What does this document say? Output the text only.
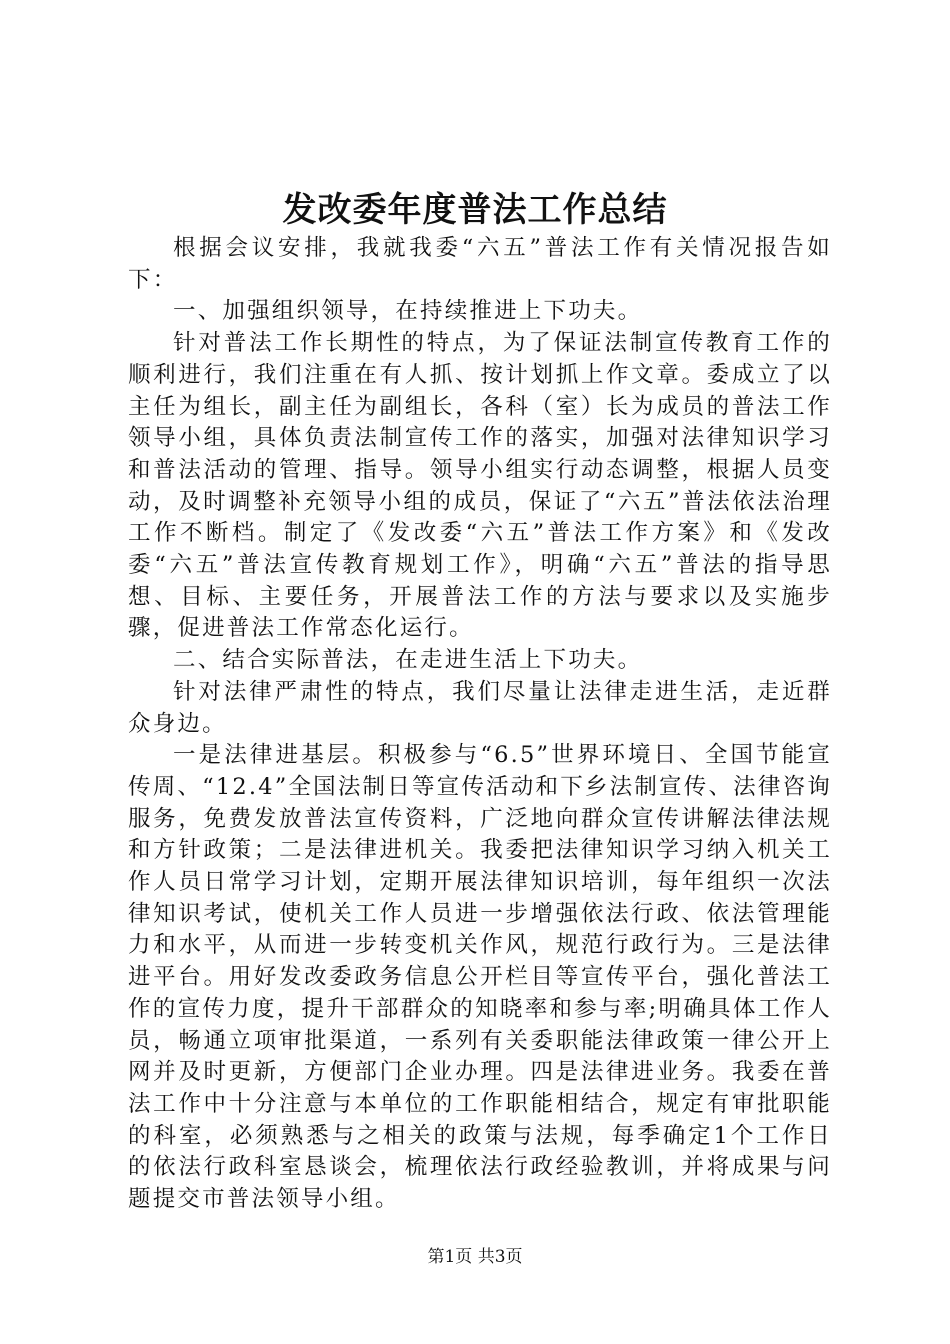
发改委年度普法工作总结

根据会议安排，我就我委“六五”普法工作有关情况报告如下：

一、加强组织领导，在持续推进上下功夫。

针对普法工作长期性的特点，为了保证法制宣传教育工作的顺利进行，我们注重在有人抓、按计划抓上作文章。委成立了以主任为组长，副主任为副组长，各科（室）长为成员的普法工作领导小组，具体负责法制宣传工作的落实，加强对法律知识学习和普法活动的管理、指导。领导小组实行动态调整，根据人员变动，及时调整补充领导小组的成员，保证了“六五”普法依法治理工作不断档。制定了《发改委“六五”普法工作方案》和《发改委“六五”普法宣传教育规划工作》，明确“六五”普法的指导思想、目标、主要任务，开展普法工作的方法与要求以及实施步骤，促进普法工作常态化运行。

二、结合实际普法，在走进生活上下功夫。

针对法律严肃性的特点，我们尽量让法律走进生活，走近群众身边。

一是法律进基层。积极参与“6.5”世界环境日、全国节能宣传周、“12.4”全国法制日等宣传活动和下乡法制宣传、法律咨询服务，免费发放普法宣传资料，广泛地向群众宣传讲解法律法规和方针政策；二是法律进机关。我委把法律知识学习纳入机关工作人员日常学习计划，定期开展法律知识培训，每年组织一次法律知识考试，使机关工作人员进一步增强依法行政、依法管理能力和水平，从而进一步转变机关作风，规范行政行为。三是法律进平台。用好发改委政务信息公开栏目等宣传平台，强化普法工作的宣传力度，提升干部群众的知晓率和参与率;明确具体工作人员，畅通立项审批渠道，一系列有关委职能法律政策一律公开上网并及时更新，方便部门企业办理。四是法律进业务。我委在普法工作中十分注意与本单位的工作职能相结合，规定有审批职能的科室，必须熟悉与之相关的政策与法规，每季确定1个工作日的依法行政科室恳谈会，梳理依法行政经验教训，并将成果与问题提交市普法领导小组。

第1页 共3页
